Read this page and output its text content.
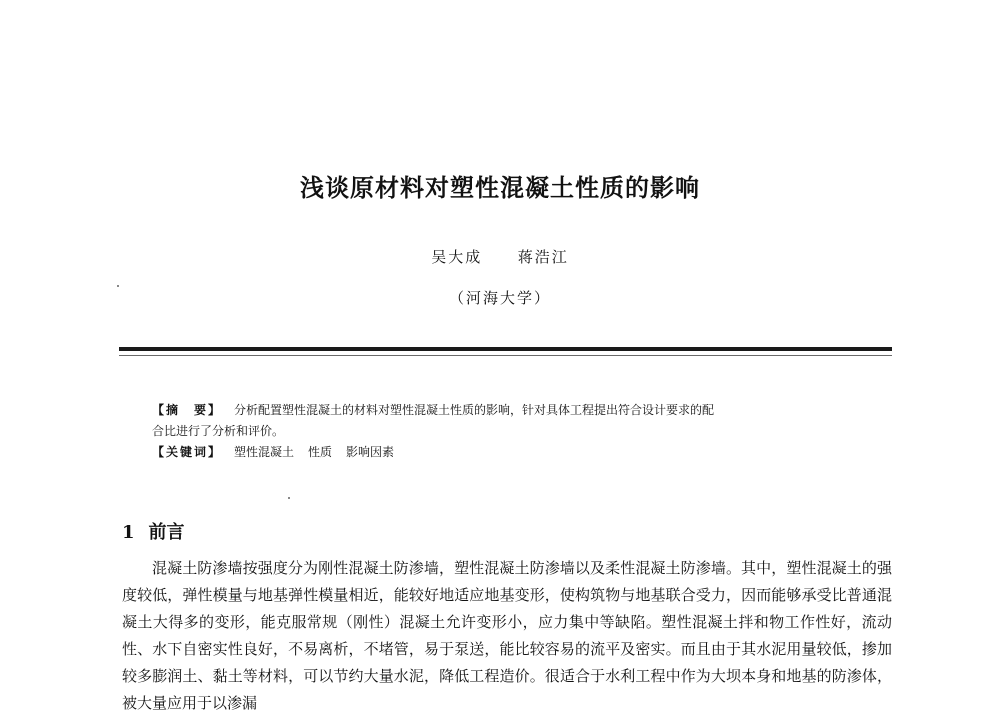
浅谈原材料对塑性混凝土性质的影响
吴大成 蒋浩江
（河海大学）
【摘　要】 分析配置塑性混凝土的材料对塑性混凝土性质的影响，针对具体工程提出符合设计要求的配
合比进行了分析和评价。
【关键词】 塑性混凝土 性质 影响因素
1 前言
混凝土防渗墙按强度分为刚性混凝土防渗墙，塑性混凝土防渗墙以及柔性混凝土防渗墙。其中，塑性混凝土的强度较低，弹性模量与地基弹性模量相近，能较好地适应地基变形，使构筑物与地基联合受力，因而能够承受比普通混凝土大得多的变形，能克服常规（刚性）混凝土允许变形小，应力集中等缺陷。塑性混凝土拌和物工作性好，流动性、水下自密实性良好，不易离析，不堵管，易于泵送，能比较容易的流平及密实。而且由于其水泥用量较低，掺加较多膨润土、黏土等材料，可以节约大量水泥，降低工程造价。很适合于水利工程中作为大坝本身和地基的防渗体，被大量应用于以渗漏
